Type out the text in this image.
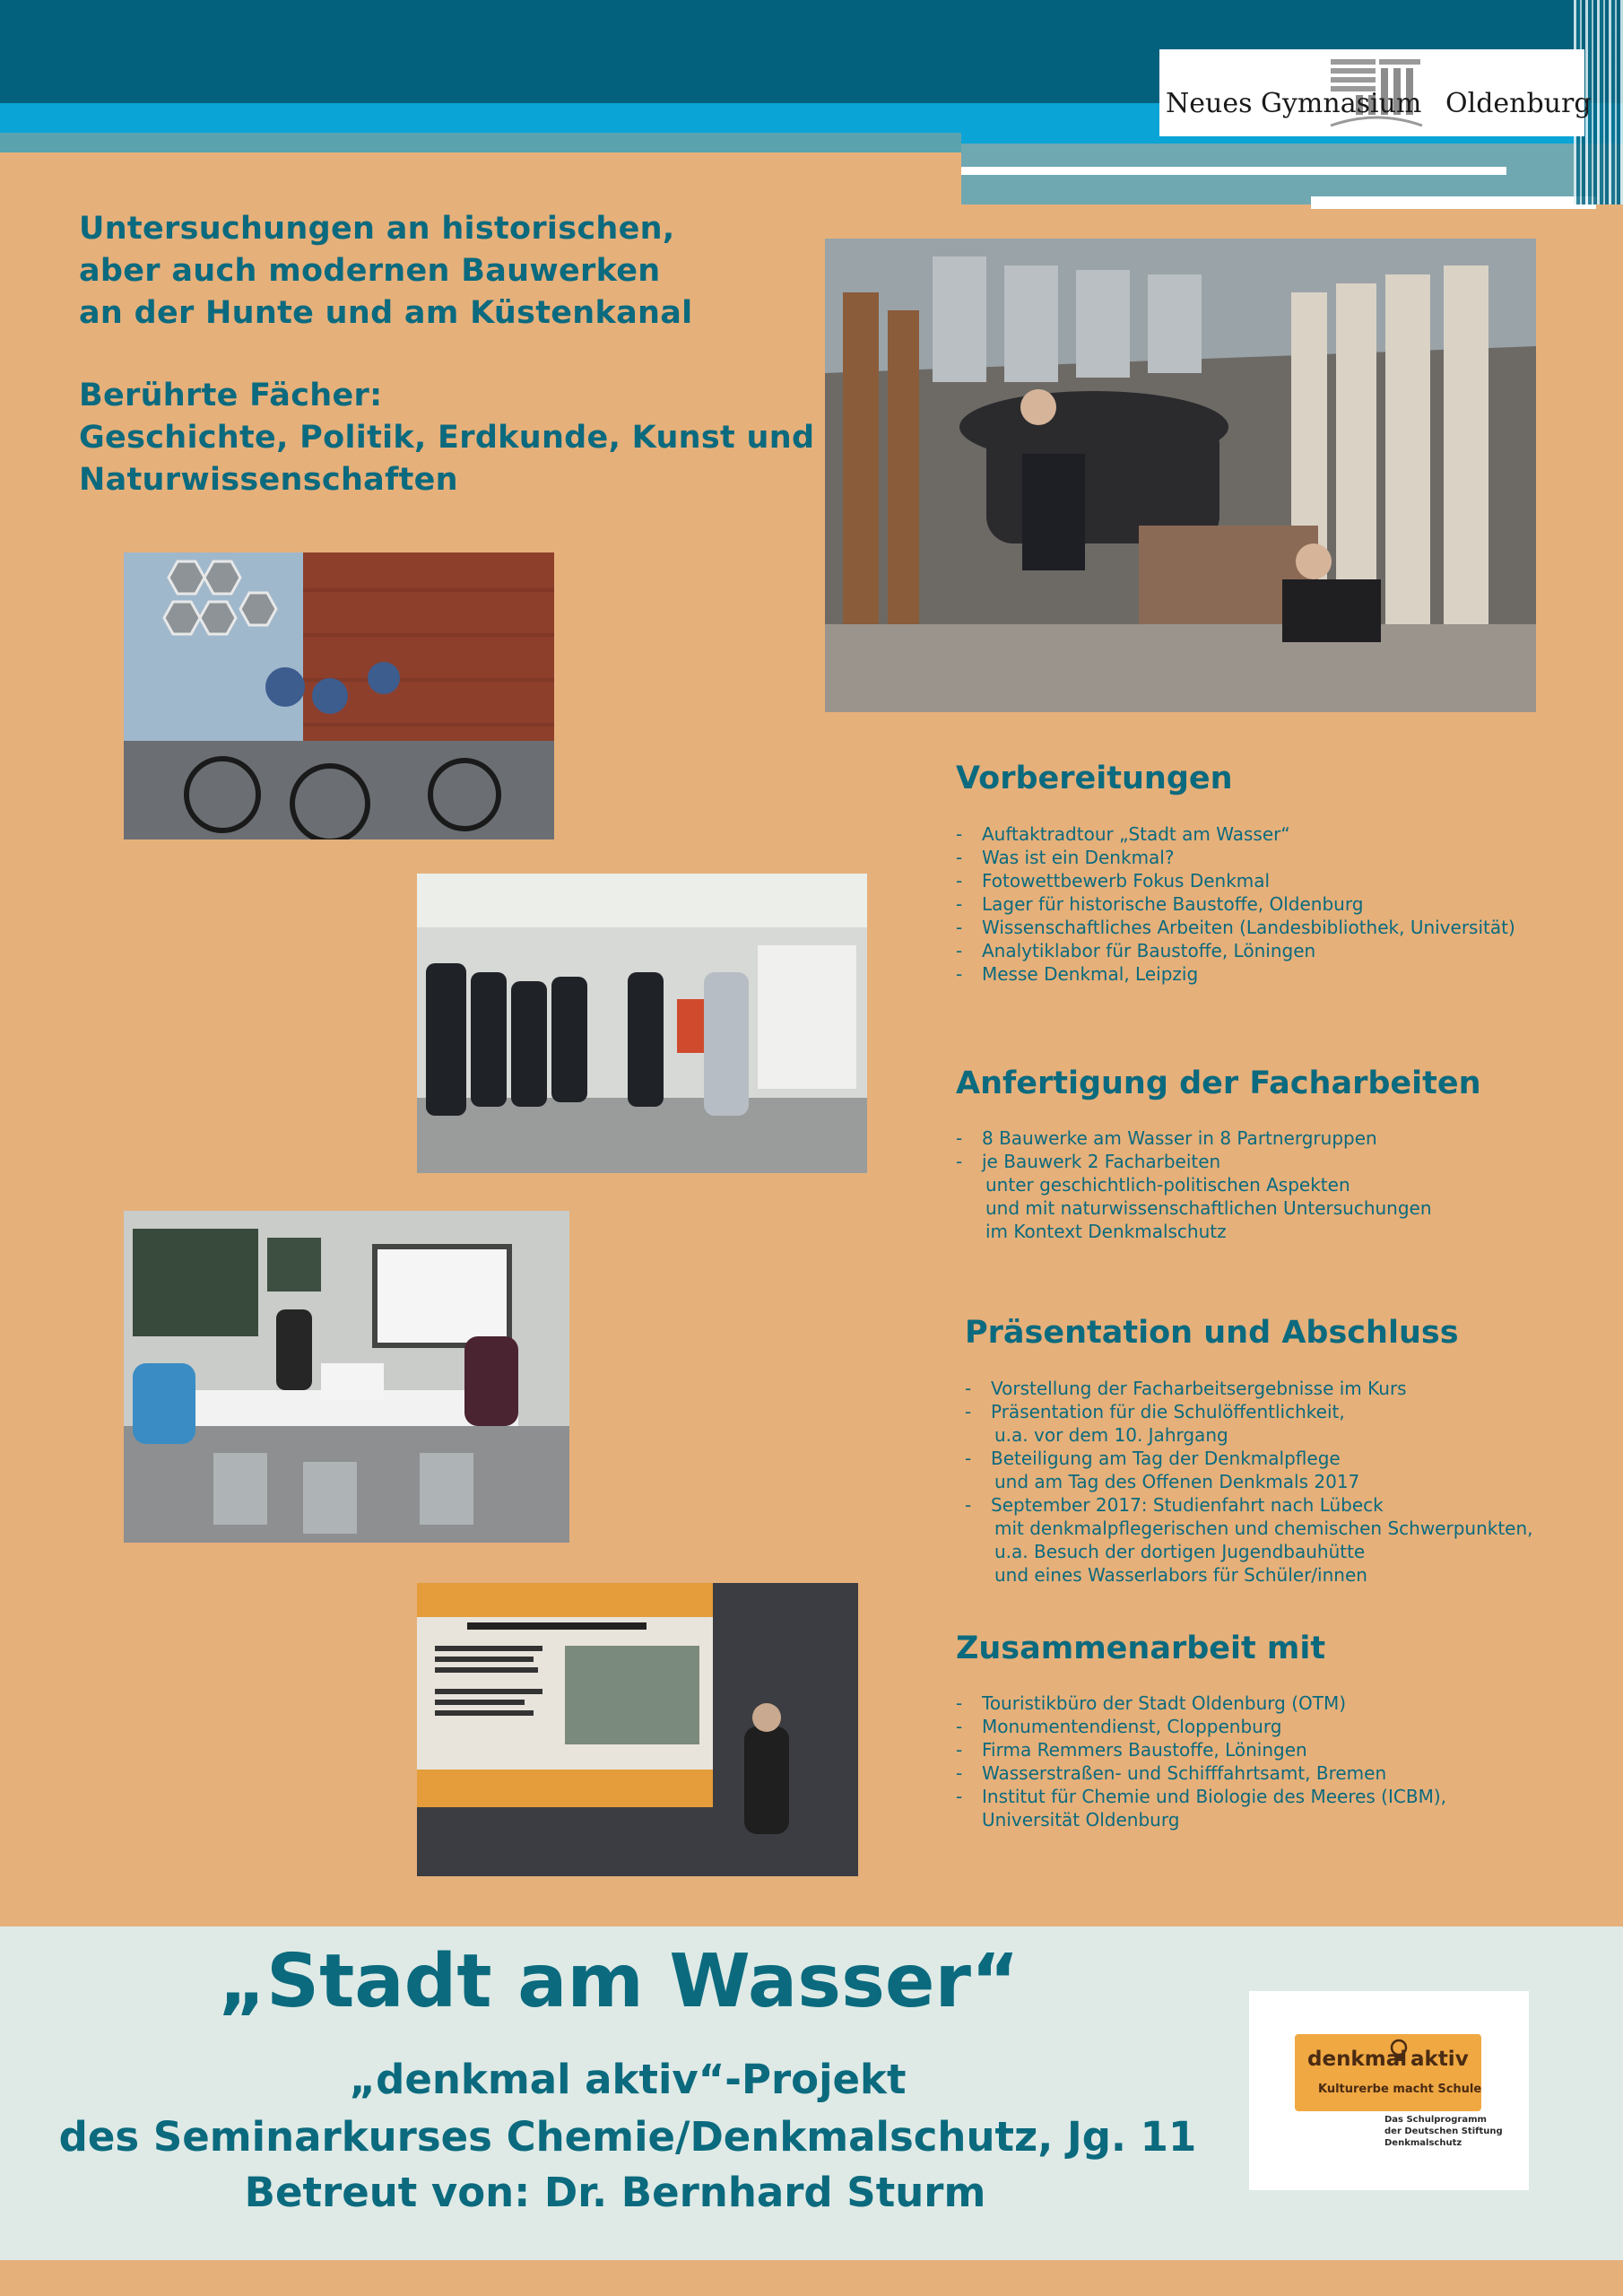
Neues Gymnasium Oldenburg
Untersuchungen an historischen,
aber auch modernen Bauwerken
an der Hunte und am Küstenkanal
Berührte Fächer:
Geschichte, Politik, Erdkunde, Kunst und
Naturwissenschaften
Vorbereitungen
- Auftaktradtour „Stadt am Wasser“
- Was ist ein Denkmal?
- Fotowettbewerb Fokus Denkmal
- Lager für historische Baustoffe, Oldenburg
- Wissenschaftliches Arbeiten (Landesbibliothek, Universität)
- Analytiklabor für Baustoffe, Löningen
- Messe Denkmal, Leipzig
Anfertigung der Facharbeiten
- 8 Bauwerke am Wasser in 8 Partnergruppen
- je Bauwerk 2 Facharbeiten
unter geschichtlich-politischen Aspekten
und mit naturwissenschaftlichen Untersuchungen
im Kontext Denkmalschutz
Präsentation und Abschluss
- Vorstellung der Facharbeitsergebnisse im Kurs
- Präsentation für die Schulöffentlichkeit,
u.a. vor dem 10. Jahrgang
- Beteiligung am Tag der Denkmalpflege
und am Tag des Offenen Denkmals 2017
- September 2017: Studienfahrt nach Lübeck
mit denkmalpflegerischen und chemischen Schwerpunkten,
u.a. Besuch der dortigen Jugendbauhütte
und eines Wasserlabors für Schüler/innen
Zusammenarbeit mit
- Touristikbüro der Stadt Oldenburg (OTM)
- Monumentendienst, Cloppenburg
- Firma Remmers Baustoffe, Löningen
- Wasserstraßen- und Schifffahrtsamt, Bremen
- Institut für Chemie und Biologie des Meeres (ICBM),
Universität Oldenburg
„Stadt am Wasser“
„denkmal aktiv“-Projekt
des Seminarkurses Chemie/Denkmalschutz, Jg. 11
Betreut von: Dr. Bernhard Sturm
denkmal aktiv
Kulturerbe macht Schule
Das Schulprogramm
der Deutschen Stiftung
Denkmalschutz
